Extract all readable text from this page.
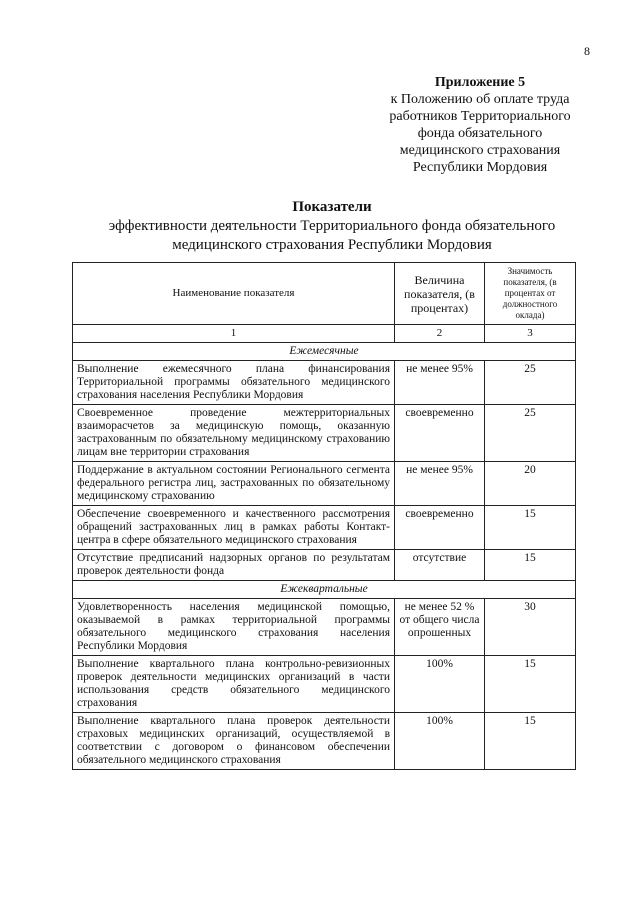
8
Приложение 5
к Положению об оплате труда
работников Территориального
фонда обязательного
медицинского страхования
Республики Мордовия
Показатели
эффективности деятельности Территориального фонда обязательного
медицинского страхования Республики Мордовия
Наименование показателя	Величина показателя, (в процентах)	Значимость показателя, (в процентах от должностного оклада)
1	2	3
Ежемесячные		
Выполнение ежемесячного плана финансирования Территориальной программы обязательного медицинского страхования населения Республики Мордовия	не менее 95%	25
Своевременное проведение межтерриториальных взаиморасчетов за медицинскую помощь, оказанную застрахованным по обязательному медицинскому страхованию лицам вне территории страхования	своевременно	25
Поддержание в актуальном состоянии Регионального сегмента федерального регистра лиц, застрахованных по обязательному медицинскому страхованию	не менее 95%	20
Обеспечение своевременного и качественного рассмотрения обращений застрахованных лиц в рамках работы Контакт-центра в сфере обязательного медицинского страхования	своевременно	15
Отсутствие предписаний надзорных органов по результатам проверок деятельности фонда	отсутствие	15
Ежеквартальные		
Удовлетворенность населения медицинской помощью, оказываемой в рамках территориальной программы обязательного медицинского страхования населения Республики Мордовия	не менее 52 % от общего числа опрошенных	30
Выполнение квартального плана контрольно-ревизионных проверок деятельности медицинских организаций в части использования средств обязательного медицинского страхования	100%	15
Выполнение квартального плана проверок деятельности страховых медицинских организаций, осуществляемой в соответствии с договором о финансовом обеспечении обязательного медицинского страхования	100%	15
